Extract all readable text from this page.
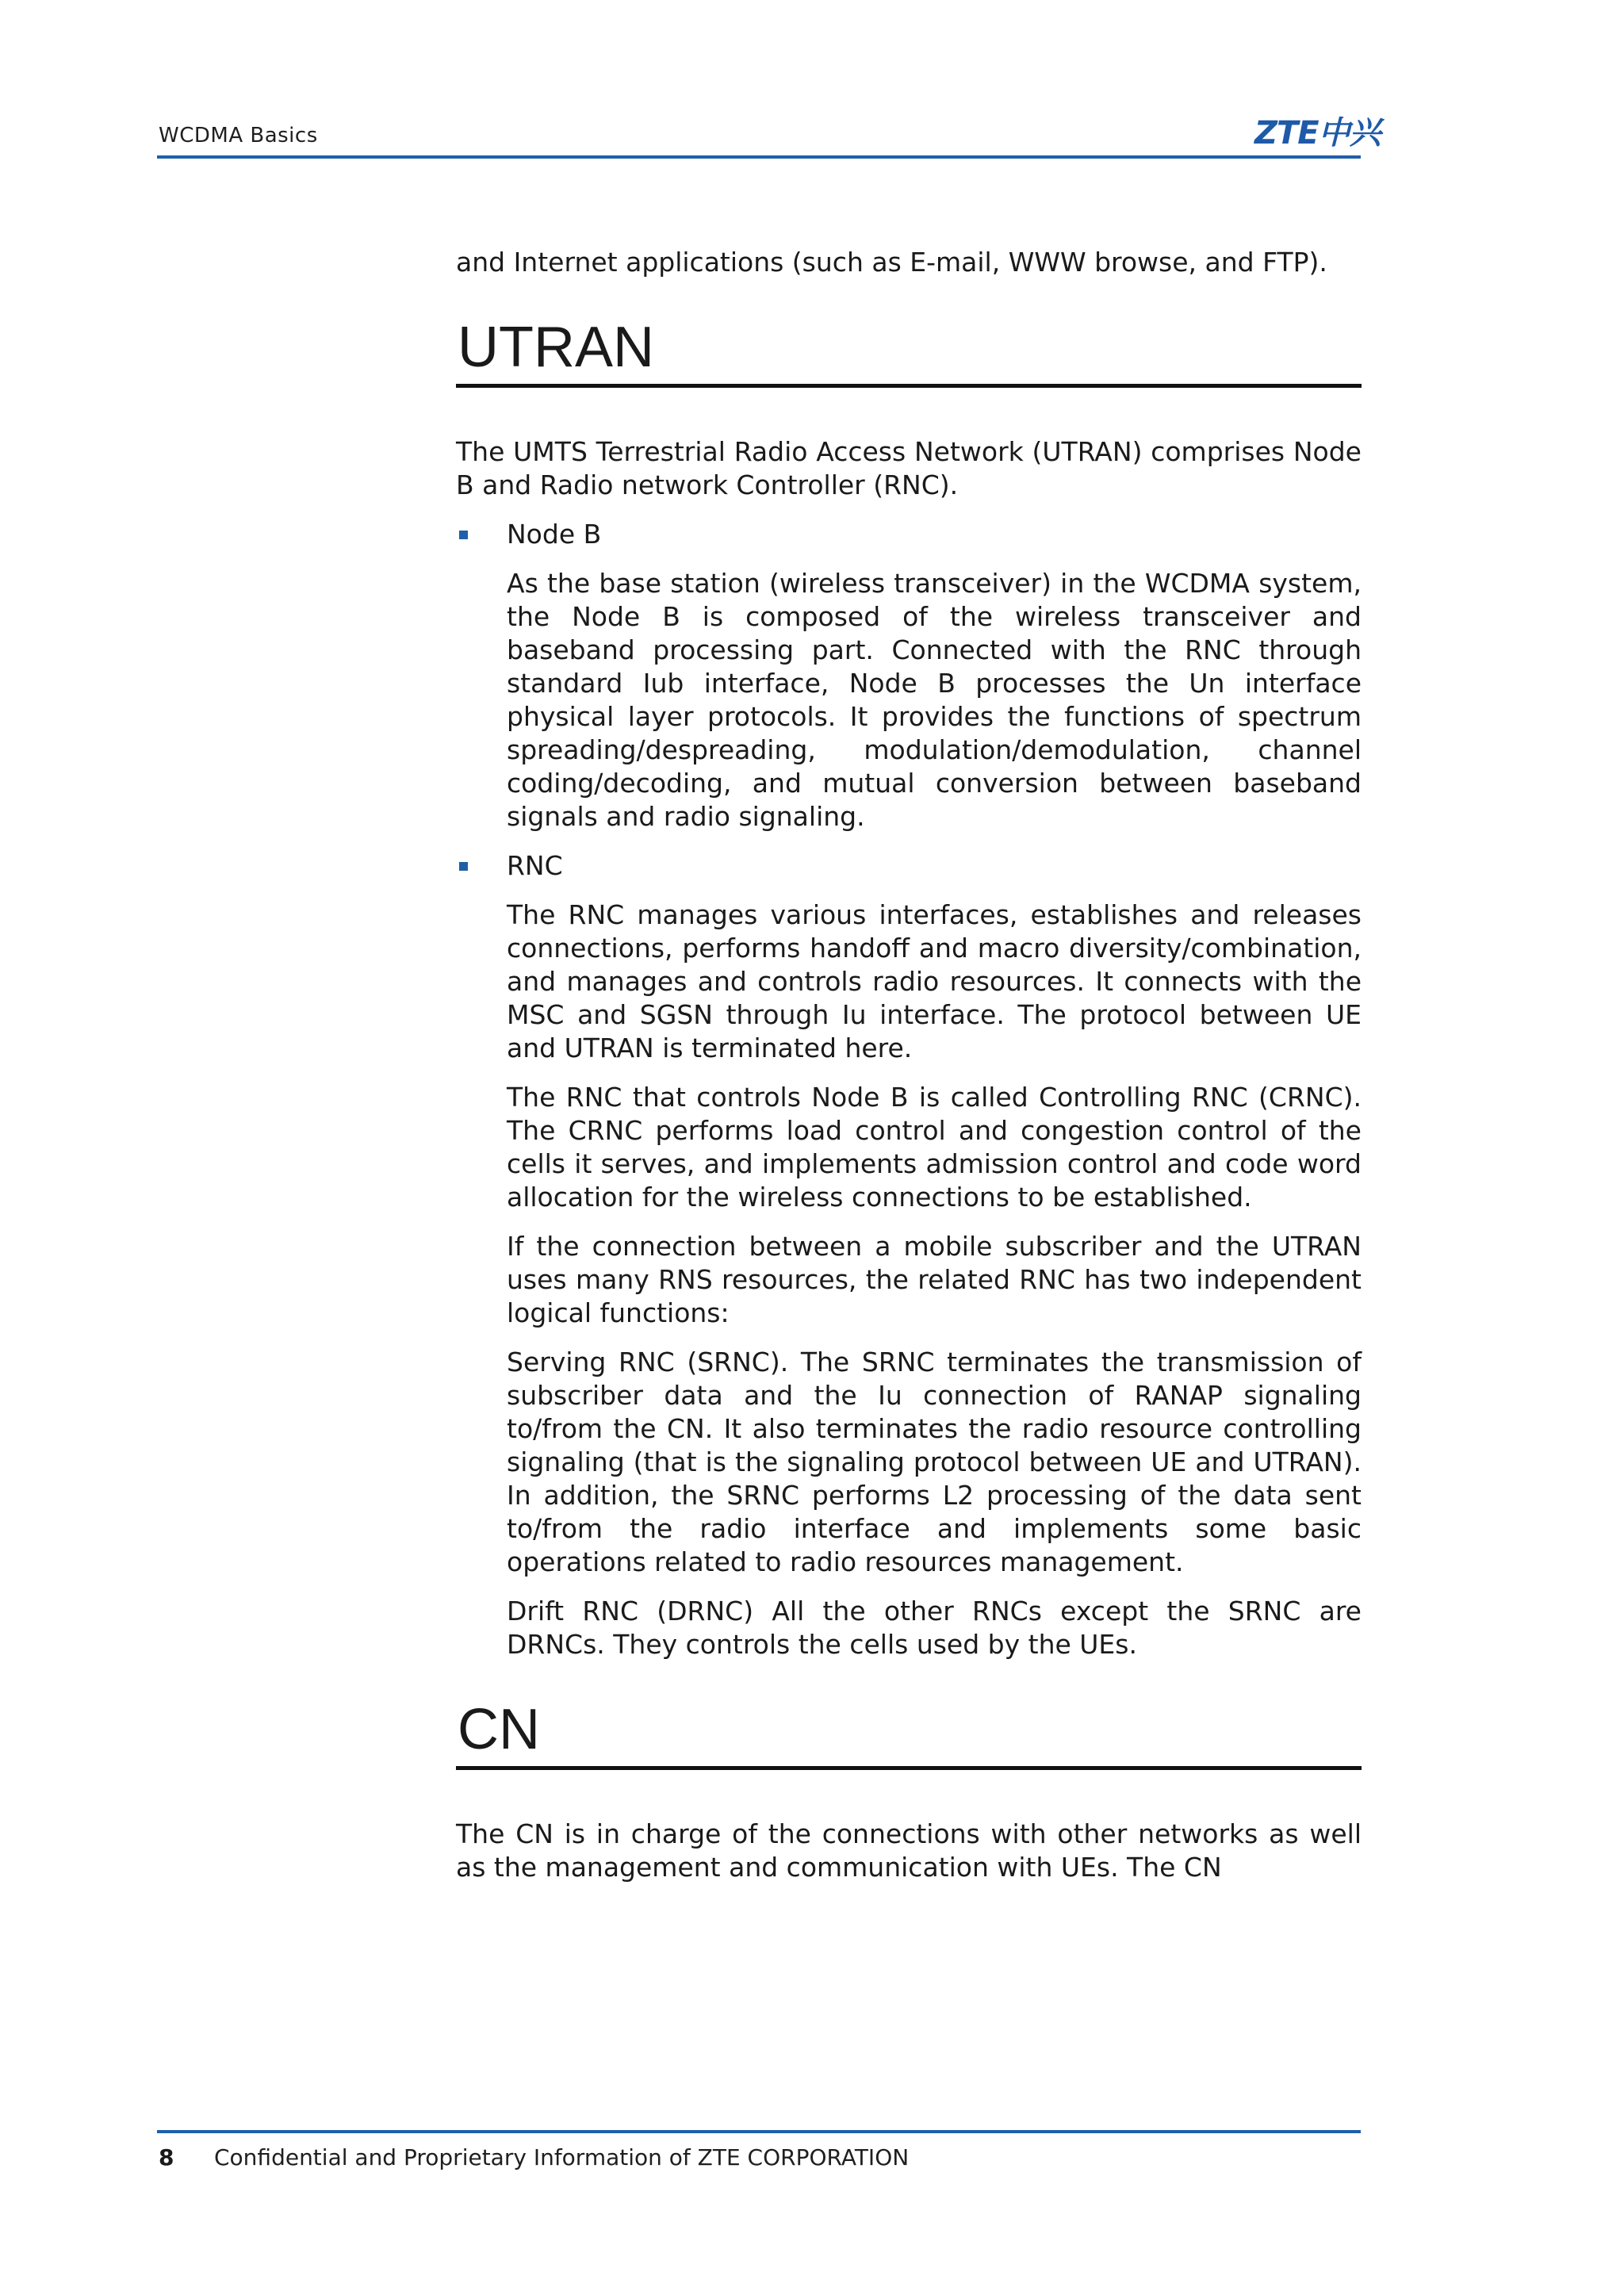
WCDMA Basics	ZTE中兴

and Internet applications (such as E-mail, WWW browse, and FTP).

UTRAN

The UMTS Terrestrial Radio Access Network (UTRAN) comprises Node B and Radio network Controller (RNC).

Node B

As the base station (wireless transceiver) in the WCDMA system, the Node B is composed of the wireless transceiver and baseband processing part. Connected with the RNC through standard Iub interface, Node B processes the Un interface physical layer protocols. It provides the functions of spectrum spreading/despreading, modulation/demodulation, channel coding/decoding, and mutual conversion between baseband signals and radio signaling.

RNC

The RNC manages various interfaces, establishes and releases connections, performs handoff and macro diversity/combination, and manages and controls radio resources. It connects with the MSC and SGSN through Iu interface. The protocol between UE and UTRAN is terminated here.

The RNC that controls Node B is called Controlling RNC (CRNC). The CRNC performs load control and congestion control of the cells it serves, and implements admission control and code word allocation for the wireless connections to be established.

If the connection between a mobile subscriber and the UTRAN uses many RNS resources, the related RNC has two independent logical functions:

Serving RNC (SRNC). The SRNC terminates the transmission of subscriber data and the Iu connection of RANAP signaling to/from the CN. It also terminates the radio resource controlling signaling (that is the signaling protocol between UE and UTRAN). In addition, the SRNC performs L2 processing of the data sent to/from the radio interface and implements some basic operations related to radio resources management.

Drift RNC (DRNC) All the other RNCs except the SRNC are DRNCs. They controls the cells used by the UEs.

CN

The CN is in charge of the connections with other networks as well as the management and communication with UEs. The CN

8 Confidential and Proprietary Information of ZTE CORPORATION
